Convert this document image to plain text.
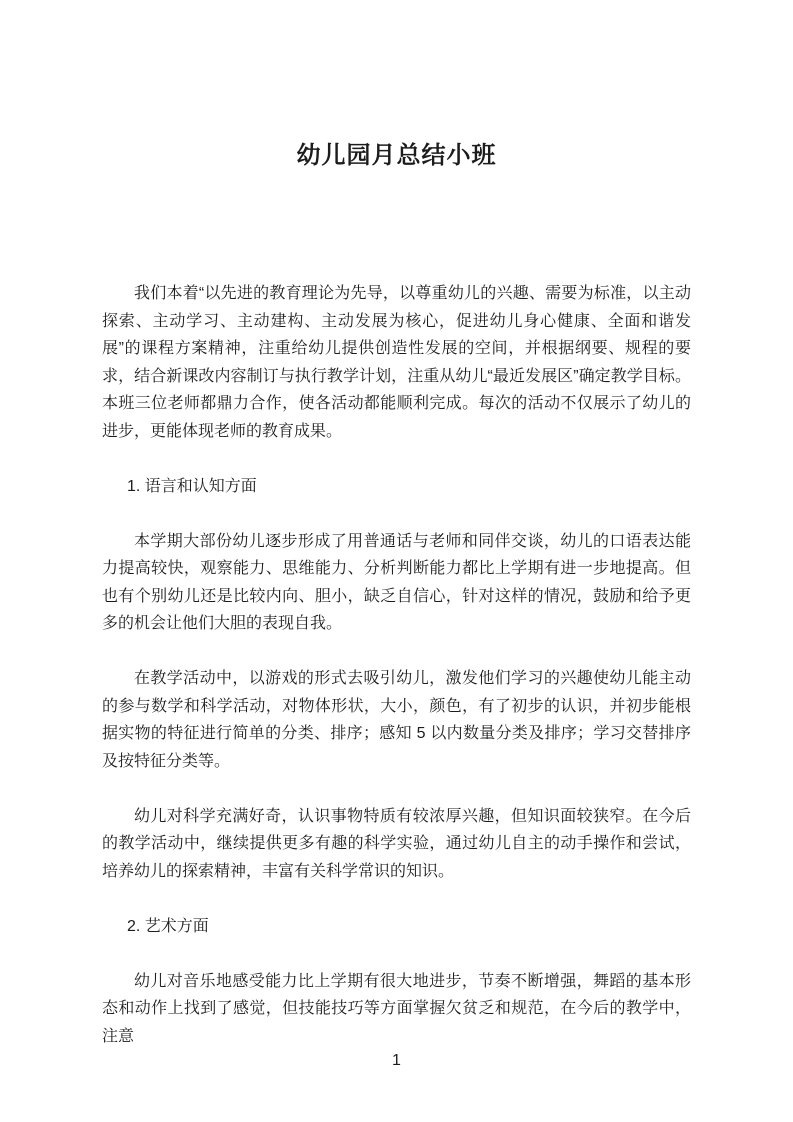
幼儿园月总结小班

我们本着“以先进的教育理论为先导，以尊重幼儿的兴趣、需要为标准，以主动探索、主动学习、主动建构、主动发展为核心，促进幼儿身心健康、全面和谐发展”的课程方案精神，注重给幼儿提供创造性发展的空间，并根据纲要、规程的要求，结合新课改内容制订与执行教学计划，注重从幼儿“最近发展区”确定教学目标。本班三位老师都鼎力合作，使各活动都能顺利完成。每次的活动不仅展示了幼儿的进步，更能体现老师的教育成果。

1. 语言和认知方面

本学期大部份幼儿逐步形成了用普通话与老师和同伴交谈，幼儿的口语表达能力提高较快，观察能力、思维能力、分析判断能力都比上学期有进一步地提高。但也有个别幼儿还是比较内向、胆小，缺乏自信心，针对这样的情况，鼓励和给予更多的机会让他们大胆的表现自我。

在教学活动中，以游戏的形式去吸引幼儿，激发他们学习的兴趣使幼儿能主动的参与数学和科学活动，对物体形状，大小，颜色，有了初步的认识，并初步能根据实物的特征进行简单的分类、排序；感知 5 以内数量分类及排序；学习交替排序及按特征分类等。

幼儿对科学充满好奇，认识事物特质有较浓厚兴趣，但知识面较狭窄。在今后的教学活动中，继续提供更多有趣的科学实验，通过幼儿自主的动手操作和尝试，培养幼儿的探索精神，丰富有关科学常识的知识。

2. 艺术方面

幼儿对音乐地感受能力比上学期有很大地进步，节奏不断增强，舞蹈的基本形态和动作上找到了感觉，但技能技巧等方面掌握欠贫乏和规范，在今后的教学中，注意

1
